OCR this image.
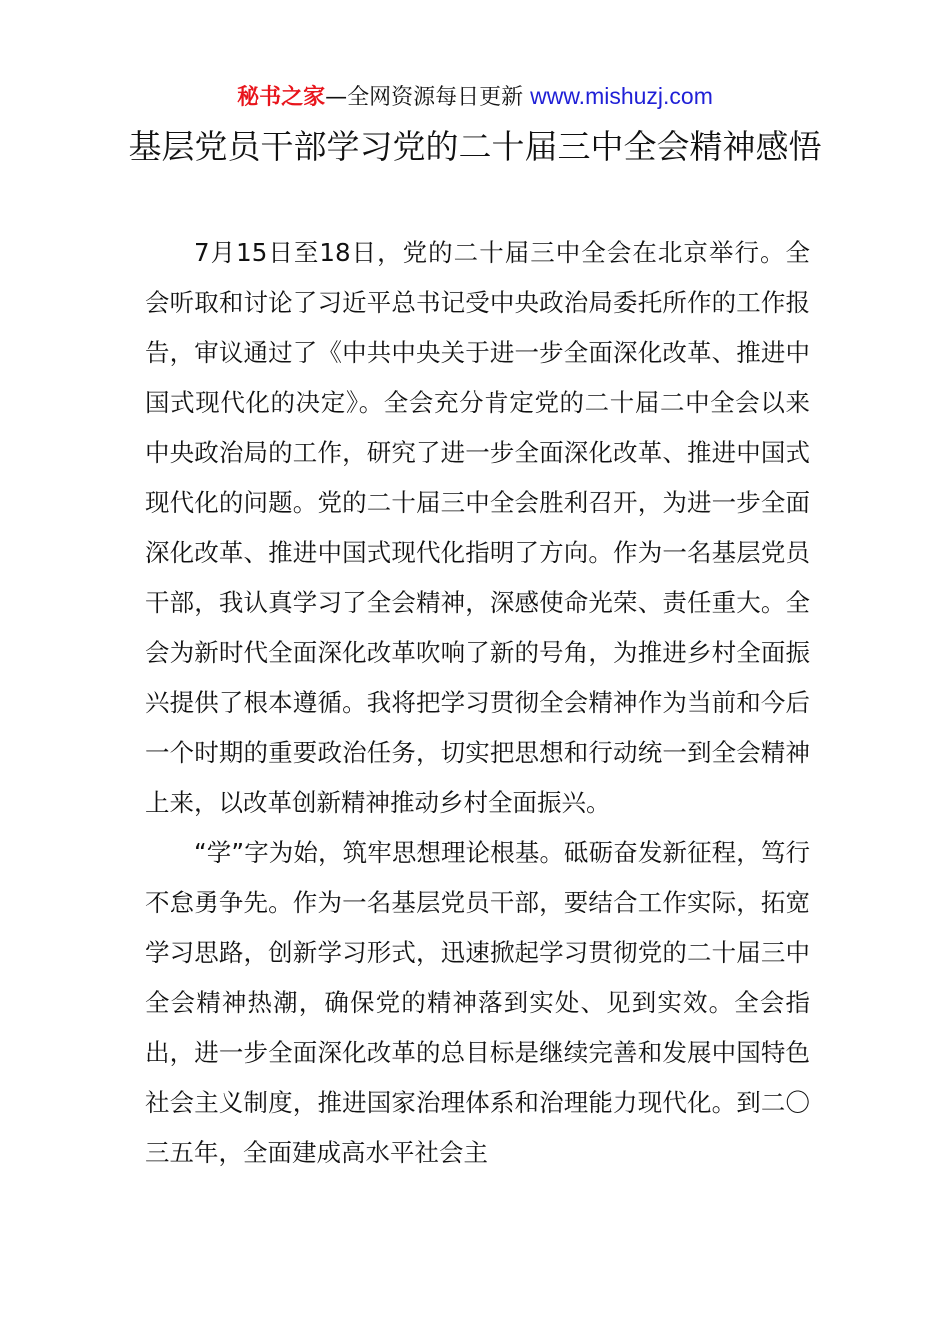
秘书之家—全网资源每日更新 www.mishuzj.com
基层党员干部学习党的二十届三中全会精神感悟

7月15日至18日，党的二十届三中全会在北京举行。全会听取和讨论了习近平总书记受中央政治局委托所作的工作报告，审议通过了《中共中央关于进一步全面深化改革、推进中国式现代化的决定》。全会充分肯定党的二十届二中全会以来中央政治局的工作，研究了进一步全面深化改革、推进中国式现代化的问题。党的二十届三中全会胜利召开，为进一步全面深化改革、推进中国式现代化指明了方向。作为一名基层党员干部，我认真学习了全会精神，深感使命光荣、责任重大。全会为新时代全面深化改革吹响了新的号角，为推进乡村全面振兴提供了根本遵循。我将把学习贯彻全会精神作为当前和今后一个时期的重要政治任务，切实把思想和行动统一到全会精神上来，以改革创新精神推动乡村全面振兴。

“学”字为始，筑牢思想理论根基。砥砺奋发新征程，笃行不怠勇争先。作为一名基层党员干部，要结合工作实际，拓宽学习思路，创新学习形式，迅速掀起学习贯彻党的二十届三中全会精神热潮，确保党的精神落到实处、见到实效。全会指出，进一步全面深化改革的总目标是继续完善和发展中国特色社会主义制度，推进国家治理体系和治理能力现代化。到二〇三五年，全面建成高水平社会主
